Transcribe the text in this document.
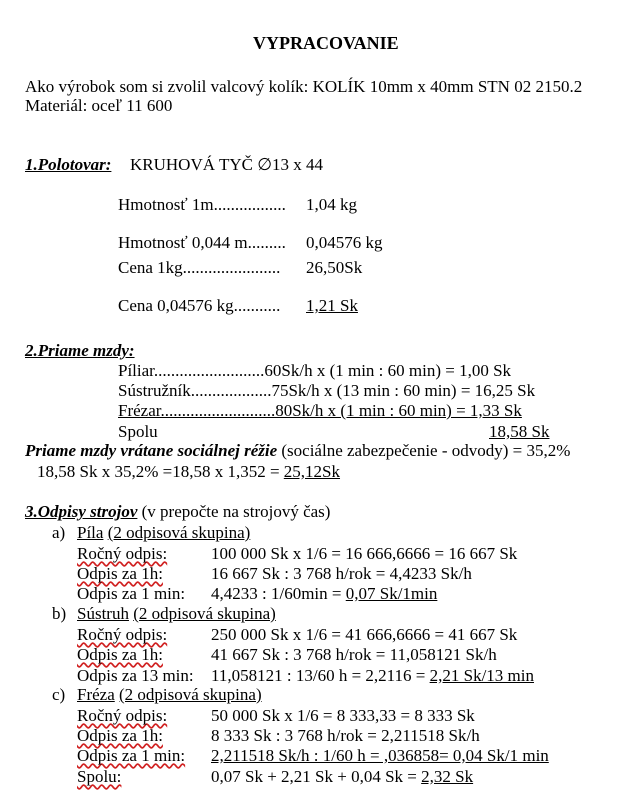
VYPRACOVANIE
Ako výrobok som si zvolil valcový kolík: KOLÍK 10mm x 40mm STN 02 2150.2
Materiál: oceľ 11 600
1.Polotovar: KRUHOVÁ TYČ ∅13 x 44
Hmotnosť 1m................. 1,04 kg
Hmotnosť 0,044 m......... 0,04576 kg
Cena 1kg....................... 26,50Sk
Cena 0,04576 kg........... 1,21 Sk
2.Priame mzdy:
Píliar..........................60Sk/h x (1 min : 60 min) = 1,00 Sk
Sústružník...................75Sk/h x (13 min : 60 min) = 16,25 Sk
Frézar...........................80Sk/h x (1 min : 60 min) = 1,33 Sk
Spolu	18,58 Sk
Priame mzdy vrátane sociálnej réžie (sociálne zabezpečenie - odvody) = 35,2%
18,58 Sk x 35,2% =18,58 x 1,352 = 25,12Sk
3.Odpisy strojov (v prepočte na strojový čas)
a) Píla (2 odpisová skupina)
Ročný odpis:	100 000 Sk x 1/6 = 16 666,6666 = 16 667 Sk
Odpis za 1h:	16 667 Sk : 3 768 h/rok = 4,4233 Sk/h
Odpis za 1 min: 4,4233 : 1/60min = 0,07 Sk/1min
b) Sústruh (2 odpisová skupina)
Ročný odpis:	250 000 Sk x 1/6 = 41 666,6666 = 41 667 Sk
Odpis za 1h:	41 667 Sk : 3 768 h/rok = 11,058121 Sk/h
Odpis za 13 min: 11,058121 : 13/60 h = 2,2116 = 2,21 Sk/13 min
c) Fréza (2 odpisová skupina)
Ročný odpis:	50 000 Sk x 1/6 = 8 333,33 = 8 333 Sk
Odpis za 1h:	8 333 Sk : 3 768 h/rok = 2,211518 Sk/h
Odpis za 1 min: 2,211518 Sk/h : 1/60 h = ,036858= 0,04 Sk/1 min
Spolu:	0,07 Sk + 2,21 Sk + 0,04 Sk = 2,32 Sk
